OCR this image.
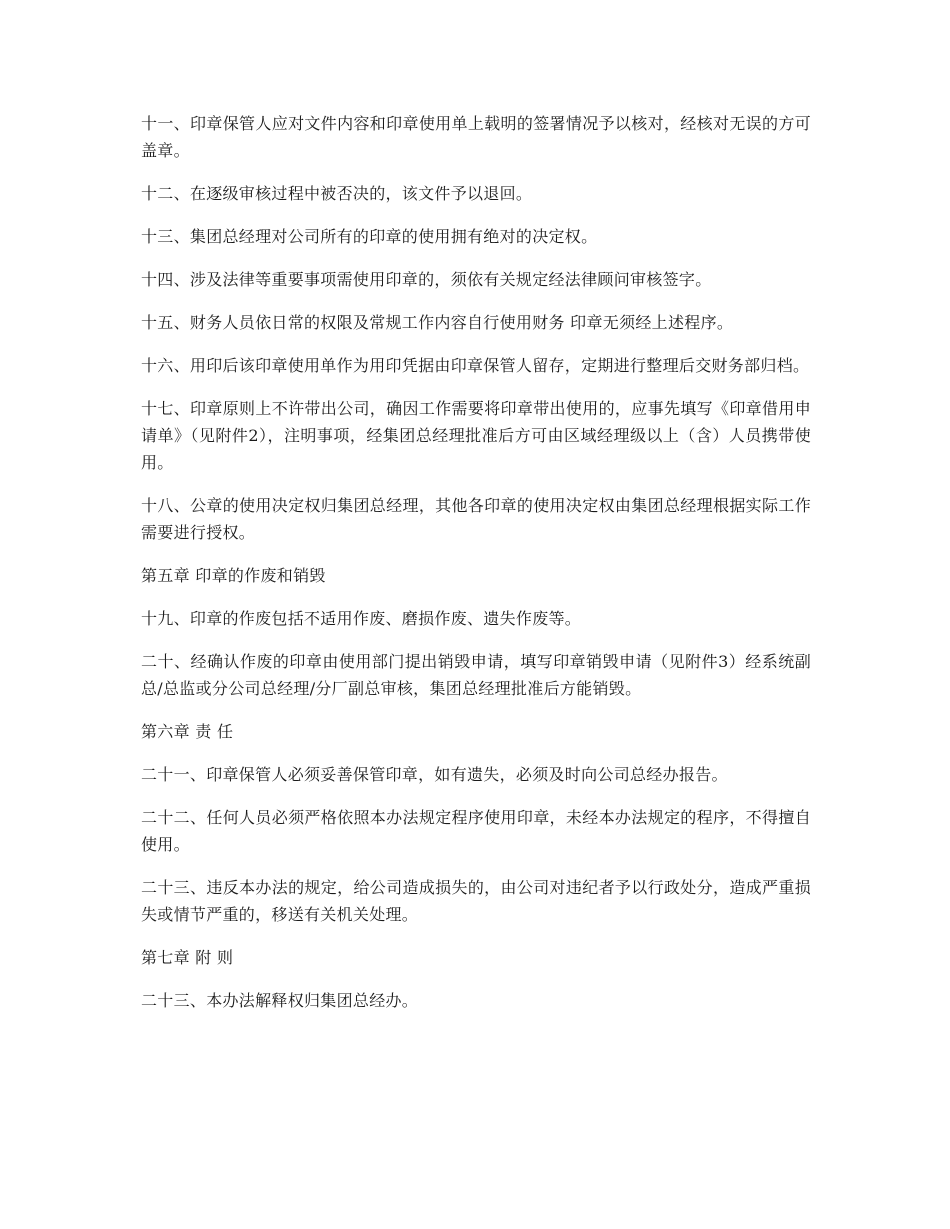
十一、印章保管人应对文件内容和印章使用单上载明的签署情况予以核对，经核对无误的方可盖章。

十二、在逐级审核过程中被否决的，该文件予以退回。

十三、集团总经理对公司所有的印章的使用拥有绝对的决定权。

十四、涉及法律等重要事项需使用印章的，须依有关规定经法律顾问审核签字。

十五、财务人员依日常的权限及常规工作内容自行使用财务 印章无须经上述程序。

十六、用印后该印章使用单作为用印凭据由印章保管人留存，定期进行整理后交财务部归档。

十七、印章原则上不许带出公司，确因工作需要将印章带出使用的，应事先填写《印章借用申请单》（见附件2），注明事项，经集团总经理批准后方可由区域经理级以上（含）人员携带使用。

十八、公章的使用决定权归集团总经理，其他各印章的使用决定权由集团总经理根据实际工作需要进行授权。

第五章 印章的作废和销毁

十九、印章的作废包括不适用作废、磨损作废、遗失作废等。

二十、经确认作废的印章由使用部门提出销毁申请，填写印章销毁申请（见附件3）经系统副总/总监或分公司总经理/分厂副总审核，集团总经理批准后方能销毁。

第六章 责 任

二十一、印章保管人必须妥善保管印章，如有遗失，必须及时向公司总经办报告。

二十二、任何人员必须严格依照本办法规定程序使用印章，未经本办法规定的程序，不得擅自使用。

二十三、违反本办法的规定，给公司造成损失的，由公司对违纪者予以行政处分，造成严重损失或情节严重的，移送有关机关处理。

第七章 附 则

二十三、本办法解释权归集团总经办。
